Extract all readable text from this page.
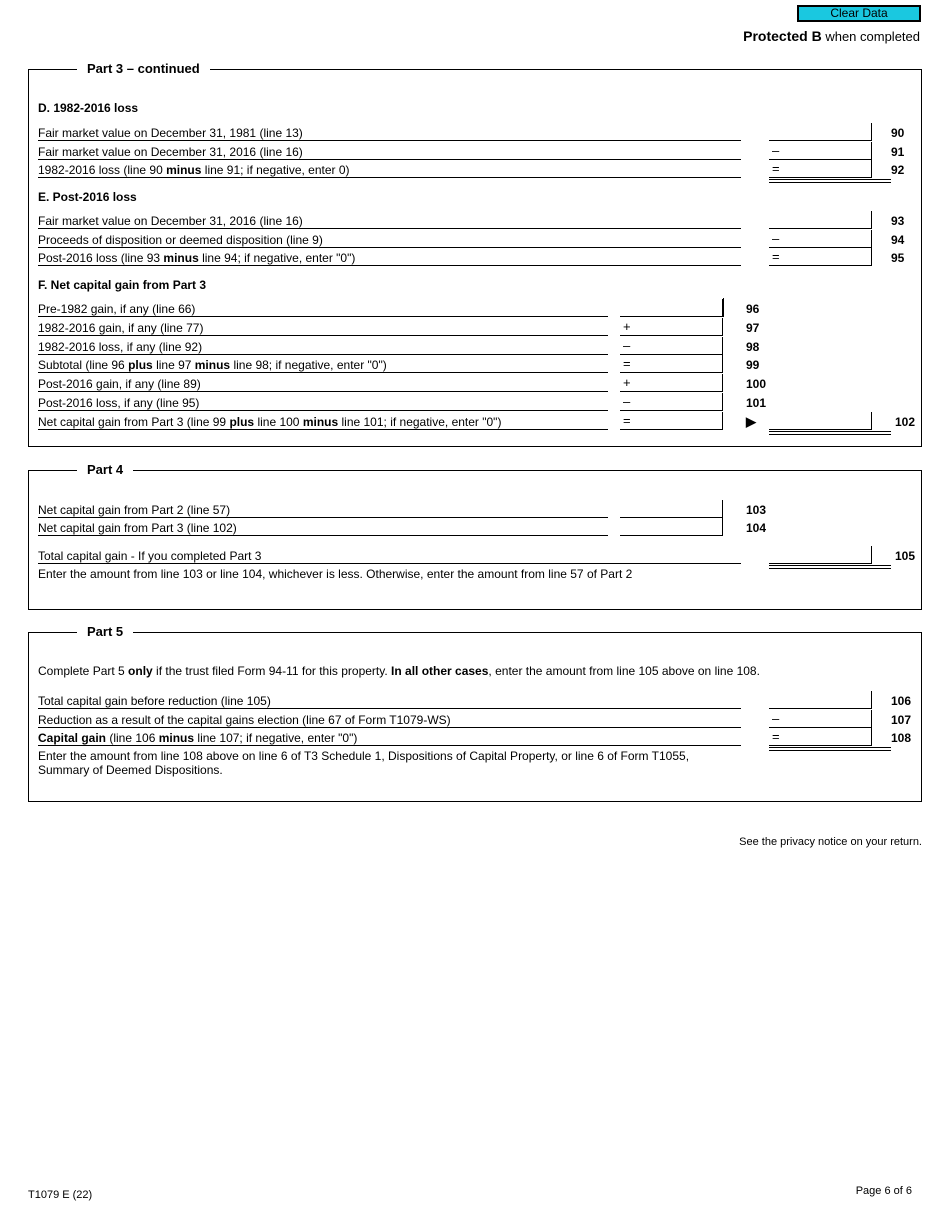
Clear Data
Protected B when completed
Part 3 – continued
D. 1982-2016 loss
Fair market value on December 31, 1981 (line 13)	90
Fair market value on December 31, 2016 (line 16)	–	91
1982-2016 loss (line 90 minus line 91; if negative, enter 0)	=	92
E. Post-2016 loss
Fair market value on December 31, 2016 (line 16)	93
Proceeds of disposition or deemed disposition (line 9)	–	94
Post-2016 loss (line 93 minus line 94; if negative, enter "0")	=	95
F. Net capital gain from Part 3
Pre-1982 gain, if any (line 66)	96
1982-2016 gain, if any (line 77)	+	97
1982-2016 loss, if any (line 92)	–	98
Subtotal (line 96 plus line 97 minus line 98; if negative, enter "0")	=	99
Post-2016 gain, if any (line 89)	+	100
Post-2016 loss, if any (line 95)	–	101
Net capital gain from Part 3 (line 99 plus line 100 minus line 101; if negative, enter "0")	=	▶	102
Part 4
Net capital gain from Part 2 (line 57)	103
Net capital gain from Part 3 (line 102)	104
Total capital gain - If you completed Part 3	105
Enter the amount from line 103 or line 104, whichever is less. Otherwise, enter the amount from line 57 of Part 2
Part 5
Complete Part 5 only if the trust filed Form 94-11 for this property. In all other cases, enter the amount from line 105 above on line 108.
Total capital gain before reduction (line 105)	106
Reduction as a result of the capital gains election (line 67 of Form T1079-WS)	–	107
Capital gain (line 106 minus line 107; if negative, enter "0")	=	108
Enter the amount from line 108 above on line 6 of T3 Schedule 1, Dispositions of Capital Property, or line 6 of Form T1055,
Summary of Deemed Dispositions.
See the privacy notice on your return.
T1079 E (22)	Page 6 of 6
